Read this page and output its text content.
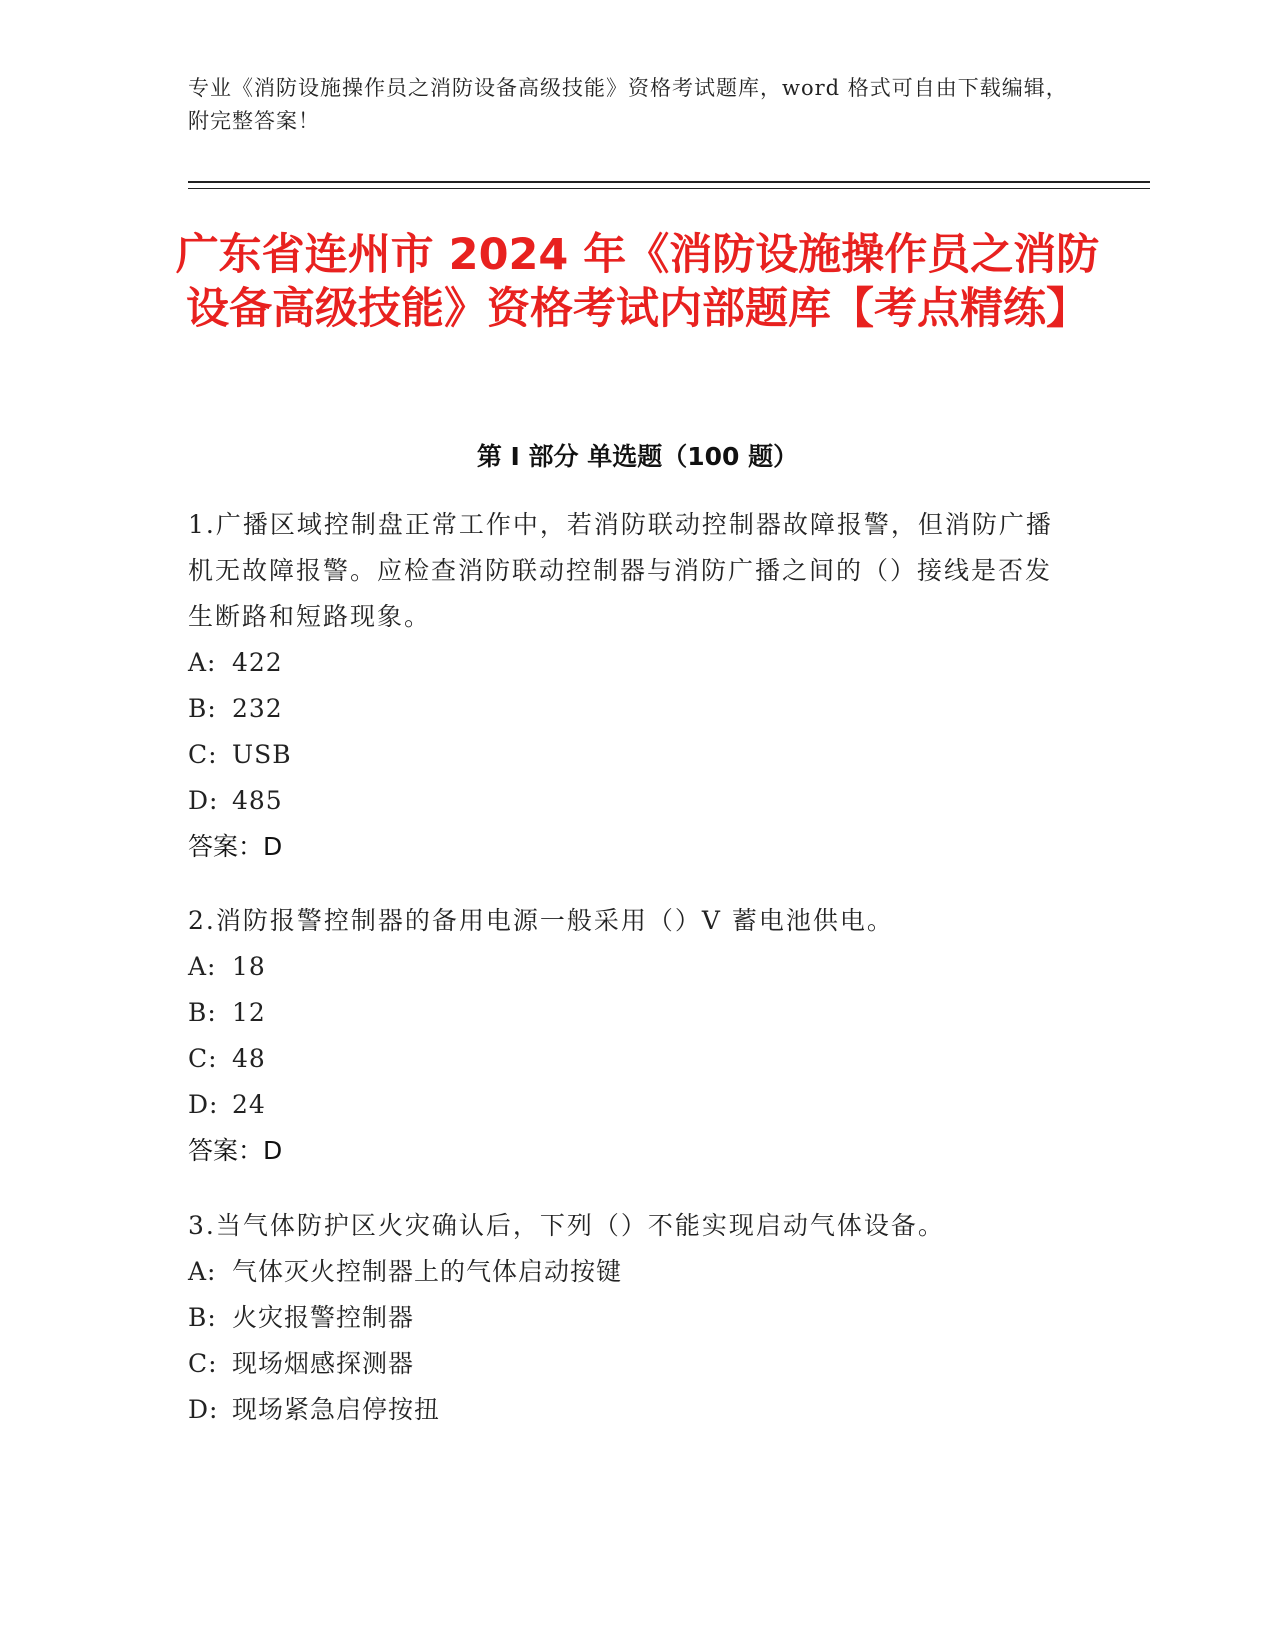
专业《消防设施操作员之消防设备高级技能》资格考试题库，word 格式可自由下载编辑，附完整答案！
广东省连州市 2024 年《消防设施操作员之消防设备高级技能》资格考试内部题库【考点精练】
第 I 部分 单选题（100 题）

1.广播区域控制盘正常工作中，若消防联动控制器故障报警，但消防广播机无故障报警。应检查消防联动控制器与消防广播之间的（）接线是否发生断路和短路现象。

A: 422

B: 232

C: USB

D: 485

答案：D

2.消防报警控制器的备用电源一般采用（）V 蓄电池供电。

A: 18

B: 12

C: 48

D: 24

答案：D

3.当气体防护区火灾确认后，下列（）不能实现启动气体设备。

A: 气体灭火控制器上的气体启动按键

B: 火灾报警控制器

C: 现场烟感探测器

D: 现场紧急启停按扭
